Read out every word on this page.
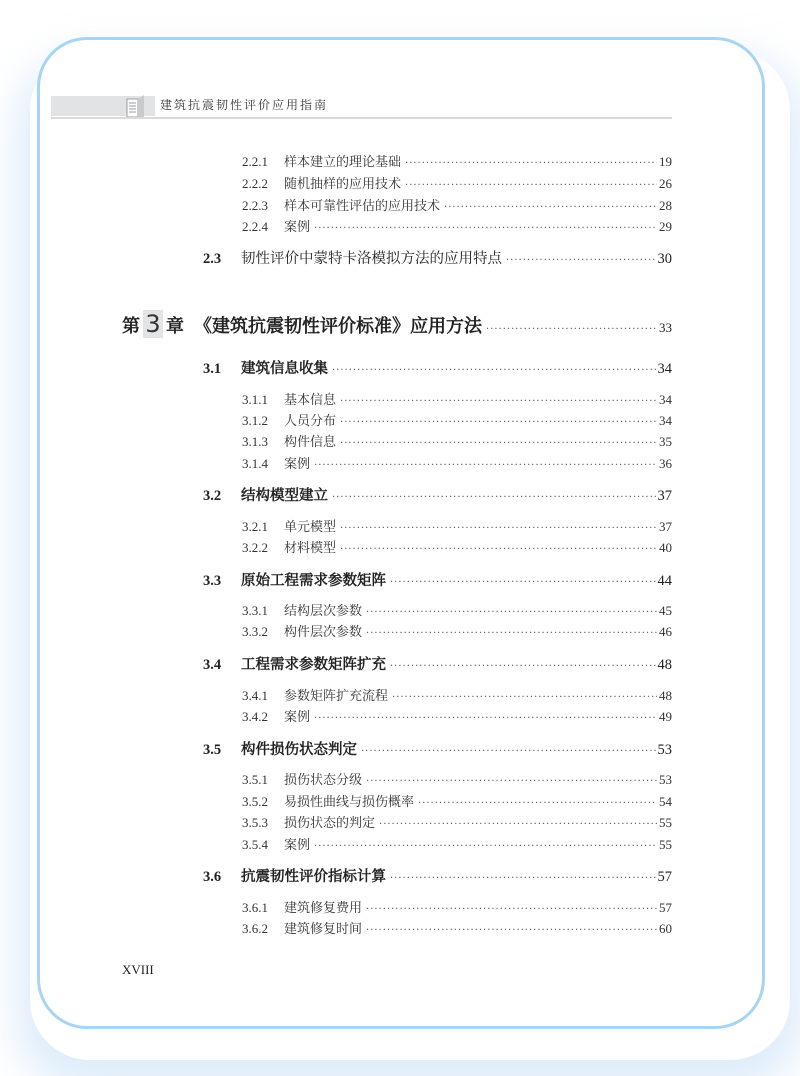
建筑抗震韧性评价应用指南
2.2.1	样本建立的理论基础 ·····	19
2.2.2	随机抽样的应用技术 ·····	26
2.2.3	样本可靠性评估的应用技术 ·····	28
2.2.4	案例 ·····	29
2.3	韧性评价中蒙特卡洛模拟方法的应用特点 ·····	30
第 3 章 《建筑抗震韧性评价标准》应用方法 ·····	33
3.1	建筑信息收集 ·····	34
3.1.1	基本信息 ·····	34
3.1.2	人员分布 ·····	34
3.1.3	构件信息 ·····	35
3.1.4	案例 ·····	36
3.2	结构模型建立 ·····	37
3.2.1	单元模型 ·····	37
3.2.2	材料模型 ·····	40
3.3	原始工程需求参数矩阵 ·····	44
3.3.1	结构层次参数 ·····	45
3.3.2	构件层次参数 ·····	46
3.4	工程需求参数矩阵扩充 ·····	48
3.4.1	参数矩阵扩充流程 ·····	48
3.4.2	案例 ·····	49
3.5	构件损伤状态判定 ·····	53
3.5.1	损伤状态分级 ·····	53
3.5.2	易损性曲线与损伤概率 ·····	54
3.5.3	损伤状态的判定 ·····	55
3.5.4	案例 ·····	55
3.6	抗震韧性评价指标计算 ·····	57
3.6.1	建筑修复费用 ·····	57
3.6.2	建筑修复时间 ·····	60
XVIII
